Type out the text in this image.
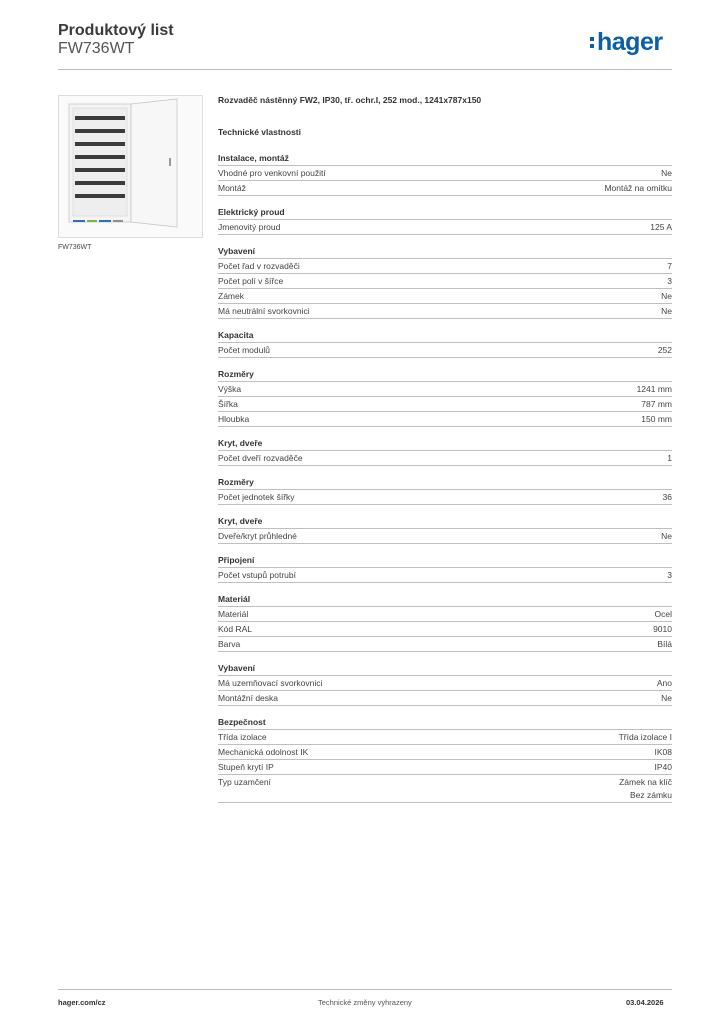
Produktový list
FW736WT	hager
FW736WT
Rozvaděč nástěnný FW2, IP30, tř. ochr.I, 252 mod., 1241x787x150
Technické vlastnosti
Instalace, montáž
Vhodné pro venkovní použití	Ne
Montáž	Montáž na omítku
Elektrický proud
Jmenovitý proud	125 A
Vybavení
Počet řad v rozvaděči	7
Počet polí v šířce	3
Zámek	Ne
Má neutrální svorkovnici	Ne
Kapacita
Počet modulů	252
Rozměry
Výška	1241 mm
Šířka	787 mm
Hloubka	150 mm
Kryt, dveře
Počet dveří rozvaděče	1
Rozměry
Počet jednotek šířky	36
Kryt, dveře
Dveře/kryt průhledné	Ne
Připojení
Počet vstupů potrubí	3
Materiál
Materiál	Ocel
Kód RAL	9010
Barva	Bílá
Vybavení
Má uzemňovací svorkovnici	Ano
Montážní deska	Ne
Bezpečnost
Třída izolace	Třída izolace I
Mechanická odolnost IK	IK08
Stupeň krytí IP	IP40
Typ uzamčení	Zámek na klíč
Bez zámku
hager.com/cz	Technické změny vyhrazeny	03.04.2026
